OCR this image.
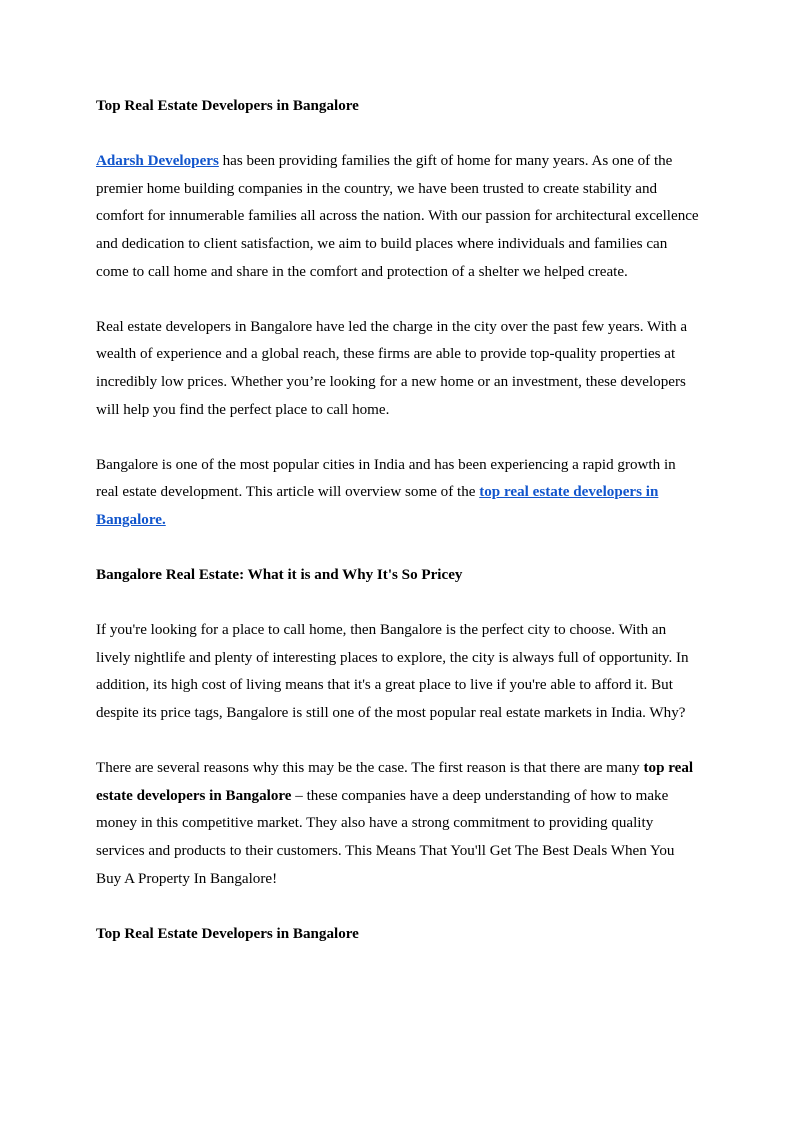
Top Real Estate Developers in Bangalore

Adarsh Developers has been providing families the gift of home for many years. As one of the premier home building companies in the country, we have been trusted to create stability and comfort for innumerable families all across the nation. With our passion for architectural excellence and dedication to client satisfaction, we aim to build places where individuals and families can come to call home and share in the comfort and protection of a shelter we helped create.

Real estate developers in Bangalore have led the charge in the city over the past few years. With a wealth of experience and a global reach, these firms are able to provide top-quality properties at incredibly low prices. Whether you’re looking for a new home or an investment, these developers will help you find the perfect place to call home.

Bangalore is one of the most popular cities in India and has been experiencing a rapid growth in real estate development. This article will overview some of the top real estate developers in Bangalore.

Bangalore Real Estate: What it is and Why It's So Pricey

If you're looking for a place to call home, then Bangalore is the perfect city to choose. With an lively nightlife and plenty of interesting places to explore, the city is always full of opportunity. In addition, its high cost of living means that it's a great place to live if you're able to afford it. But despite its price tags, Bangalore is still one of the most popular real estate markets in India. Why?

There are several reasons why this may be the case. The first reason is that there are many top real estate developers in Bangalore – these companies have a deep understanding of how to make money in this competitive market. They also have a strong commitment to providing quality services and products to their customers. This Means That You'll Get The Best Deals When You Buy A Property In Bangalore!

Top Real Estate Developers in Bangalore
